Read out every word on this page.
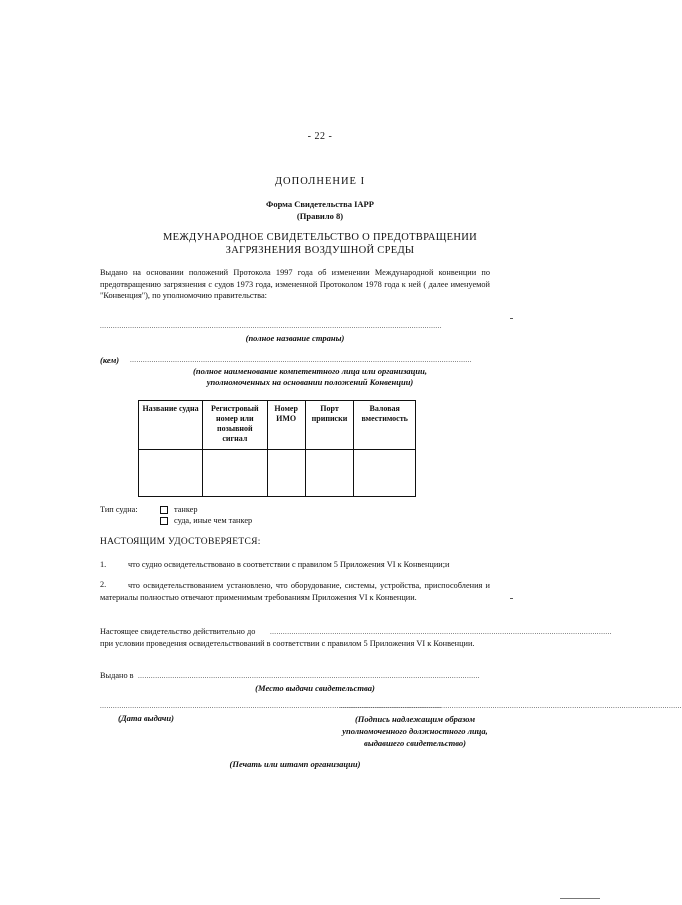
- 22 -
ДОПОЛНЕНИЕ I
Форма Свидетельства IAPP
(Правило 8)
МЕЖДУНАРОДНОЕ СВИДЕТЕЛЬСТВО О ПРЕДОТВРАЩЕНИИ
ЗАГРЯЗНЕНИЯ ВОЗДУШНОЙ СРЕДЫ
Выдано на основании положений Протокола 1997 года об изменении Международной конвенции по предотвращению загрязнения с судов 1973 года, измененной Протоколом 1978 года к ней ( далее именуемой "Конвенция"), по уполномочию правительства:
...............................................................................................................................................................
(полное название страны)
(кем) ...............................................................................................................................................................
(полное наименование компетентного лица или организации,
уполномоченных на основании положений Конвенции)
Название судна	Регистровый номер или позывной сигнал	Номер ИМО	Порт приписки	Валовая вместимость

Тип судна:	танкер
суда, иные чем танкер
НАСТОЯЩИМ УДОСТОВЕРЯЕТСЯ:
1.	что судно освидетельствовано в соответствии с правилом 5 Приложения VI к Конвенции;и
2.	что освидетельствованием установлено, что оборудование, системы, устройства, приспособления и материалы полностью отвечают применимым требованиям Приложения VI к Конвенции.
Настоящее свидетельство действительно до ...............................................................................................................................................................
при условии проведения освидетельствований в соответствии с правилом 5 Приложения VI к Конвенции.
Выдано в ...............................................................................................................................................................
(Место выдачи свидетельства)
...............................................................................................................................................................
...............................................................................................................................................................
(Дата выдачи)	(Подпись надлежащим образом
уполномоченного должностного лица,
выдавшего свидетельство)
(Печать или штамп организации)
